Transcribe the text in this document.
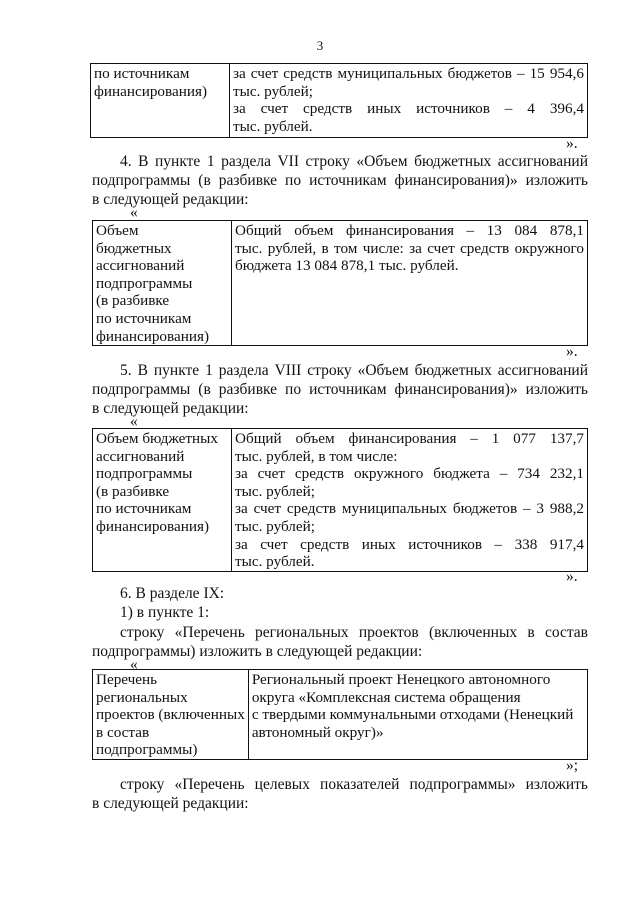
3
по источникам
финансирования)

за счет средств муниципальных бюджетов – 15 954,6
тыс. рублей;
за счет средств иных источников – 4 396,4
тыс. рублей.
».
4. В пункте 1 раздела VII строку «Объем бюджетных ассигнований
подпрограммы (в разбивке по источникам финансирования)» изложить
в следующей редакции:
«
Объем
бюджетных
ассигнований
подпрограммы
(в разбивке
по источникам
финансирования)

Общий объем финансирования – 13 084 878,1
тыс. рублей, в том числе: за счет средств окружного
бюджета 13 084 878,1 тыс. рублей.
».
5. В пункте 1 раздела VIII строку «Объем бюджетных ассигнований
подпрограммы (в разбивке по источникам финансирования)» изложить
в следующей редакции:
«
Объем бюджетных
ассигнований
подпрограммы
(в разбивке
по источникам
финансирования)

Общий объем финансирования – 1 077 137,7
тыс. рублей, в том числе:
за счет средств окружного бюджета – 734 232,1
тыс. рублей;
за счет средств муниципальных бюджетов – 3 988,2
тыс. рублей;
за счет средств иных источников – 338 917,4
тыс. рублей.
».
6. В разделе IX:
1) в пункте 1:
строку «Перечень региональных проектов (включенных в состав
подпрограммы) изложить в следующей редакции:
«
Перечень
региональных
проектов (включенных
в состав
подпрограммы)

Региональный проект Ненецкого автономного
округа «Комплексная система обращения
с твердыми коммунальными отходами (Ненецкий
автономный округ)»
»;
строку «Перечень целевых показателей подпрограммы» изложить
в следующей редакции:
